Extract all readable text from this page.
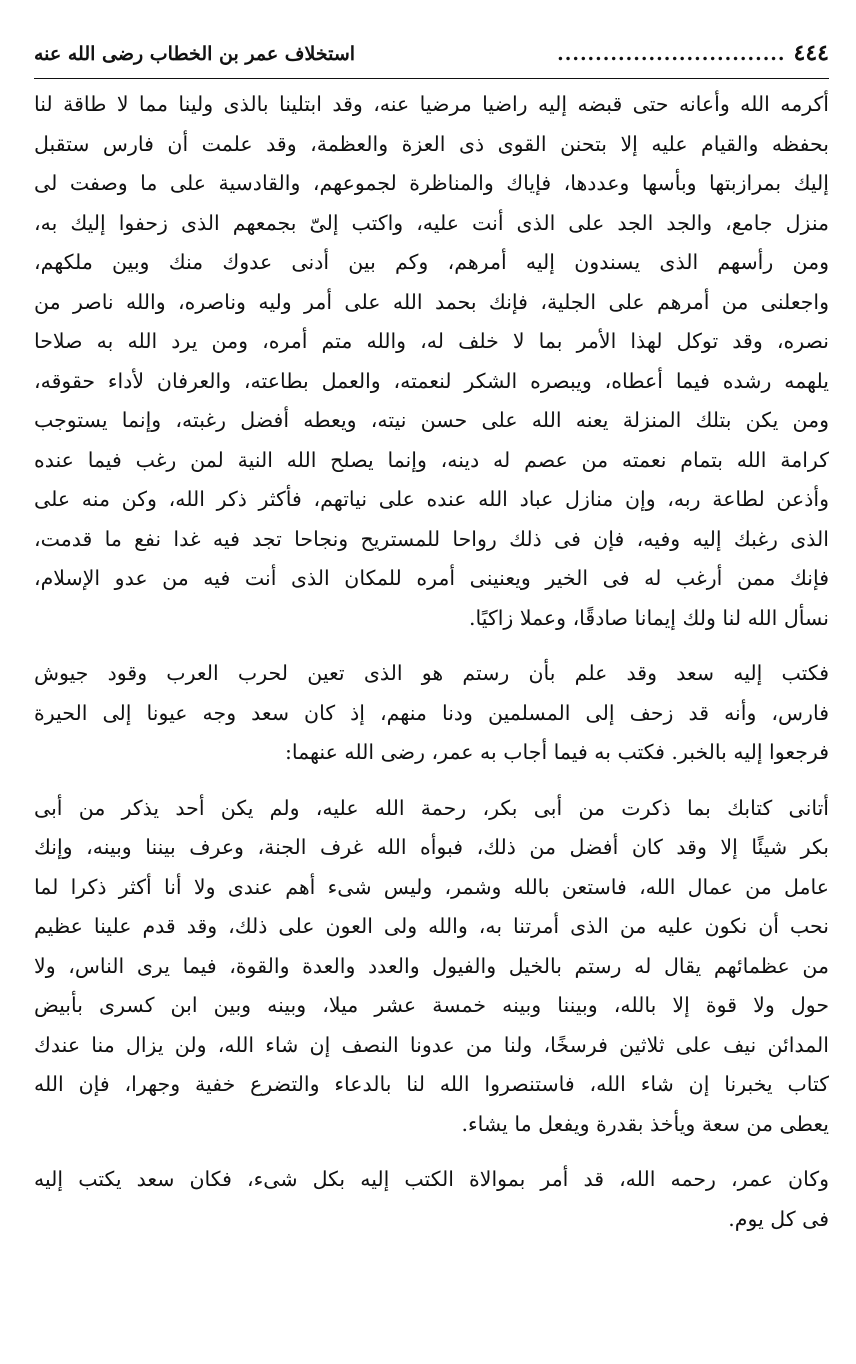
٤٤٤
..............................
استخلاف عمر بن الخطاب رضى الله عنه

أكرمه الله وأعانه حتى قبضه إليه راضيا مرضيا عنه، وقد ابتلينا بالذى ولينا مما لا طاقة لنا
بحفظه والقيام عليه إلا بتحنن القوى ذى العزة والعظمة، وقد علمت أن فارس ستقبل
إليك بمرازبتها وبأسها وعددها، فإياك والمناظرة لجموعهم، والقادسية على ما وصفت لى
منزل جامع، والجد الجد على الذى أنت عليه، واكتب إلىّ بجمعهم الذى زحفوا إليك به،
ومن رأسهم الذى يسندون إليه أمرهم، وكم بين أدنى عدوك منك وبين ملكهم،
واجعلنى من أمرهم على الجلية، فإنك بحمد الله على أمر وليه وناصره، والله ناصر من
نصره، وقد توكل لهذا الأمر بما لا خلف له، والله متم أمره، ومن يرد الله به صلاحا
يلهمه رشده فيما أعطاه، ويبصره الشكر لنعمته، والعمل بطاعته، والعرفان لأداء حقوقه،
ومن يكن بتلك المنزلة يعنه الله على حسن نيته، ويعطه أفضل رغبته، وإنما يستوجب
كرامة الله بتمام نعمته من عصم له دينه، وإنما يصلح الله النية لمن رغب فيما عنده
وأذعن لطاعة ربه، وإن منازل عباد الله عنده على نياتهم، فأكثر ذكر الله، وكن منه على
الذى رغبك إليه وفيه، فإن فى ذلك رواحا للمستريح ونجاحا تجد فيه غدا نفع ما قدمت،
فإنك ممن أرغب له فى الخير ويعنينى أمره للمكان الذى أنت فيه من عدو الإسلام،
نسأل الله لنا ولك إيمانا صادقًا، وعملا زاكيًا.

فكتب إليه سعد وقد علم بأن رستم هو الذى تعين لحرب العرب وقود جيوش
فارس، وأنه قد زحف إلى المسلمين ودنا منهم، إذ كان سعد وجه عيونا إلى الحيرة
فرجعوا إليه بالخبر. فكتب به فيما أجاب به عمر، رضى الله عنهما:

أتانى كتابك بما ذكرت من أبى بكر، رحمة الله عليه، ولم يكن أحد يذكر من أبى
بكر شيئًا إلا وقد كان أفضل من ذلك، فبوأه الله غرف الجنة، وعرف بيننا وبينه، وإنك
عامل من عمال الله، فاستعن بالله وشمر، وليس شىء أهم عندى ولا أنا أكثر ذكرا لما
نحب أن نكون عليه من الذى أمرتنا به، والله ولى العون على ذلك، وقد قدم علينا عظيم
من عظمائهم يقال له رستم بالخيل والفيول والعدد والعدة والقوة، فيما يرى الناس، ولا
حول ولا قوة إلا بالله، وبيننا وبينه خمسة عشر ميلا، وبينه وبين ابن كسرى بأبيض
المدائن نيف على ثلاثين فرسخًا، ولنا من عدونا النصف إن شاء الله، ولن يزال منا عندك
كتاب يخبرنا إن شاء الله، فاستنصروا الله لنا بالدعاء والتضرع خفية وجهرا، فإن الله
يعطى من سعة ويأخذ بقدرة ويفعل ما يشاء.

وكان عمر، رحمه الله، قد أمر بموالاة الكتب إليه بكل شىء، فكان سعد يكتب إليه
فى كل يوم.
